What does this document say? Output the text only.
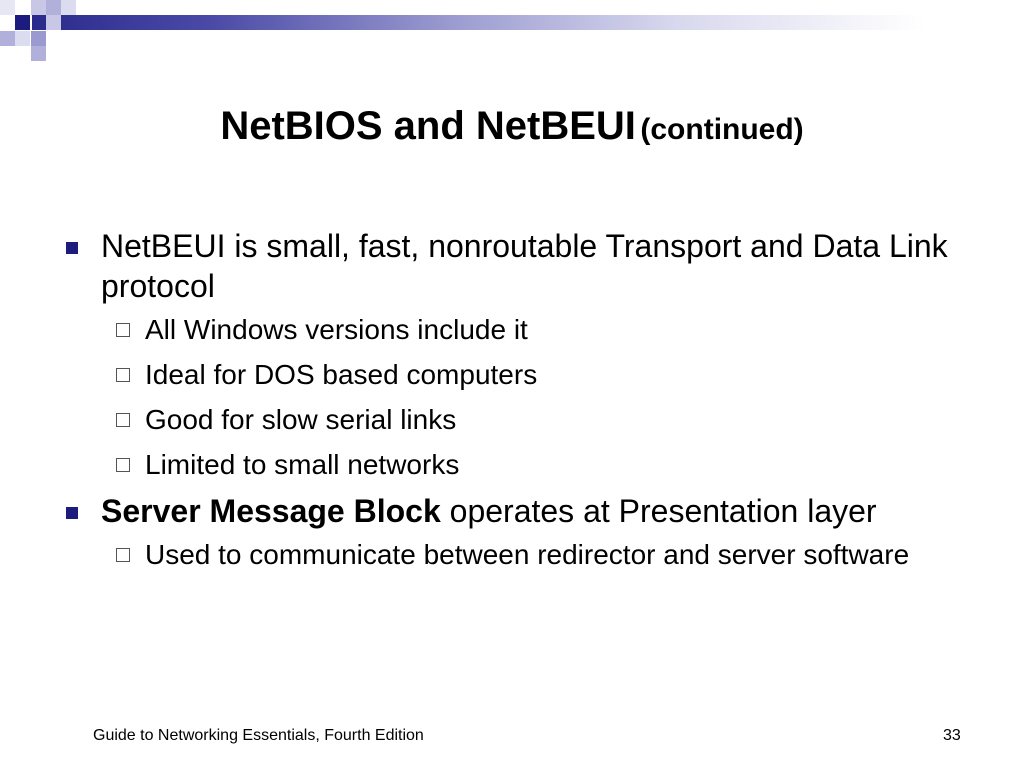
NetBIOS and NetBEUI (continued)
NetBEUI is small, fast, nonroutable Transport and Data Link protocol
All Windows versions include it
Ideal for DOS based computers
Good for slow serial links
Limited to small networks
Server Message Block operates at Presentation layer
Used to communicate between redirector and server software
Guide to Networking Essentials, Fourth Edition	33
